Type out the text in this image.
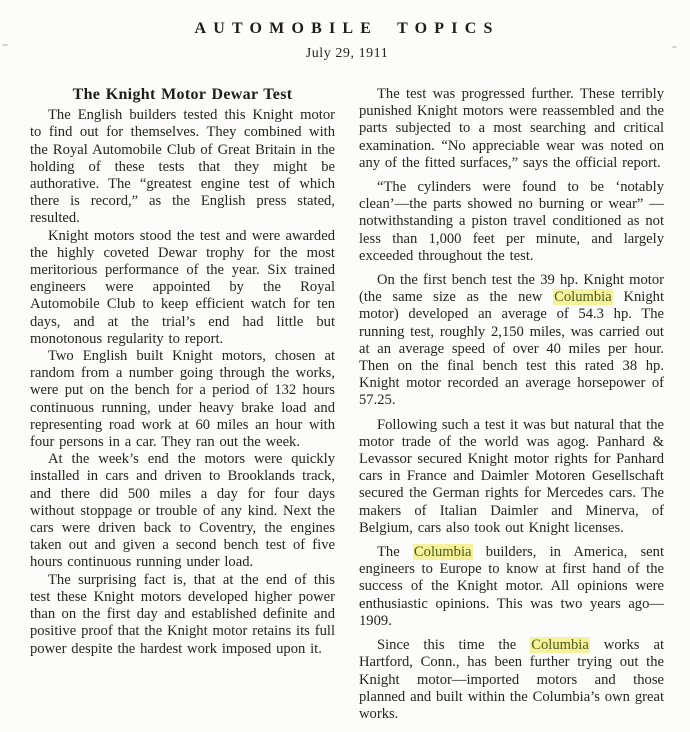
AUTOMOBILE TOPICS
July 29, 1911
The Knight Motor Dewar Test

The English builders tested this Knight motor to find out for themselves. They combined with the Royal Automobile Club of Great Britain in the holding of these tests that they might be authorative. The “greatest engine test of which there is record,” as the English press stated, resulted.

Knight motors stood the test and were awarded the highly coveted Dewar trophy for the most meritorious performance of the year. Six trained engineers were appointed by the Royal Automobile Club to keep efficient watch for ten days, and at the trial’s end had little but monotonous regularity to report.

Two English built Knight motors, chosen at random from a number going through the works, were put on the bench for a period of 132 hours continuous running, under heavy brake load and representing road work at 60 miles an hour with four persons in a car. They ran out the week.

At the week’s end the motors were quickly installed in cars and driven to Brooklands track, and there did 500 miles a day for four days without stoppage or trouble of any kind. Next the cars were driven back to Coventry, the engines taken out and given a second bench test of five hours continuous running under load.

The surprising fact is, that at the end of this test these Knight motors developed higher power than on the first day and established definite and positive proof that the Knight motor retains its full power despite the hardest work imposed upon it.

The test was progressed further. These terribly punished Knight motors were reassembled and the parts subjected to a most searching and critical examination. “No appreciable wear was noted on any of the fitted surfaces,” says the official report.

“The cylinders were found to be ‘notably clean’—the parts showed no burning or wear” —notwithstanding a piston travel conditioned as not less than 1,000 feet per minute, and largely exceeded throughout the test.

On the first bench test the 39 hp. Knight motor (the same size as the new Columbia Knight motor) developed an average of 54.3 hp. The running test, roughly 2,150 miles, was carried out at an average speed of over 40 miles per hour. Then on the final bench test this rated 38 hp. Knight motor recorded an average horsepower of 57.25.

Following such a test it was but natural that the motor trade of the world was agog. Panhard & Levassor secured Knight motor rights for Panhard cars in France and Daimler Motoren Gesellschaft secured the German rights for Mercedes cars. The makers of Italian Daimler and Minerva, of Belgium, cars also took out Knight licenses.

The Columbia builders, in America, sent engineers to Europe to know at first hand of the success of the Knight motor. All opinions were enthusiastic opinions. This was two years ago—1909.

Since this time the Columbia works at Hartford, Conn., has been further trying out the Knight motor—imported motors and those planned and built within the Columbia’s own great works.
